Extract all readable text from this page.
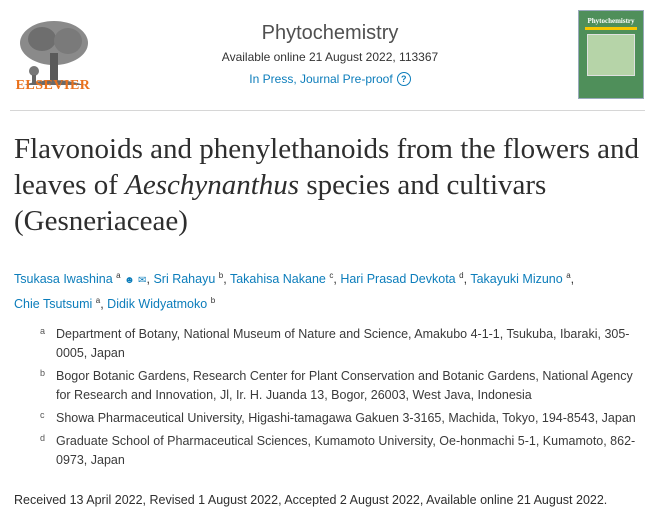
ELSEVIER
Phytochemistry
Available online 21 August 2022, 113367
In Press, Journal Pre-proof ?
Phytochemistry
Flavonoids and phenylethanoids from the flowers and leaves of Aeschynanthus species and cultivars (Gesneriaceae)
Tsukasa Iwashina $^a$ ☻ ✉, Sri Rahayu $^b$, Takahisa Nakane $^c$, Hari Prasad Devkota $^d$, Takayuki Mizuno $^a$, Chie Tsutsumi $^a$, Didik Widyatmoko $^b$
a Department of Botany, National Museum of Nature and Science, Amakubo 4-1-1, Tsukuba, Ibaraki, 305-0005, Japan
b Bogor Botanic Gardens, Research Center for Plant Conservation and Botanic Gardens, National Agency for Research and Innovation, Jl, Ir. H. Juanda 13, Bogor, 26003, West Java, Indonesia
c Showa Pharmaceutical University, Higashi-tamagawa Gakuen 3-3165, Machida, Tokyo, 194-8543, Japan
d Graduate School of Pharmaceutical Sciences, Kumamoto University, Oe-honmachi 5-1, Kumamoto, 862-0973, Japan
Received 13 April 2022, Revised 1 August 2022, Accepted 2 August 2022, Available online 21 August 2022.
